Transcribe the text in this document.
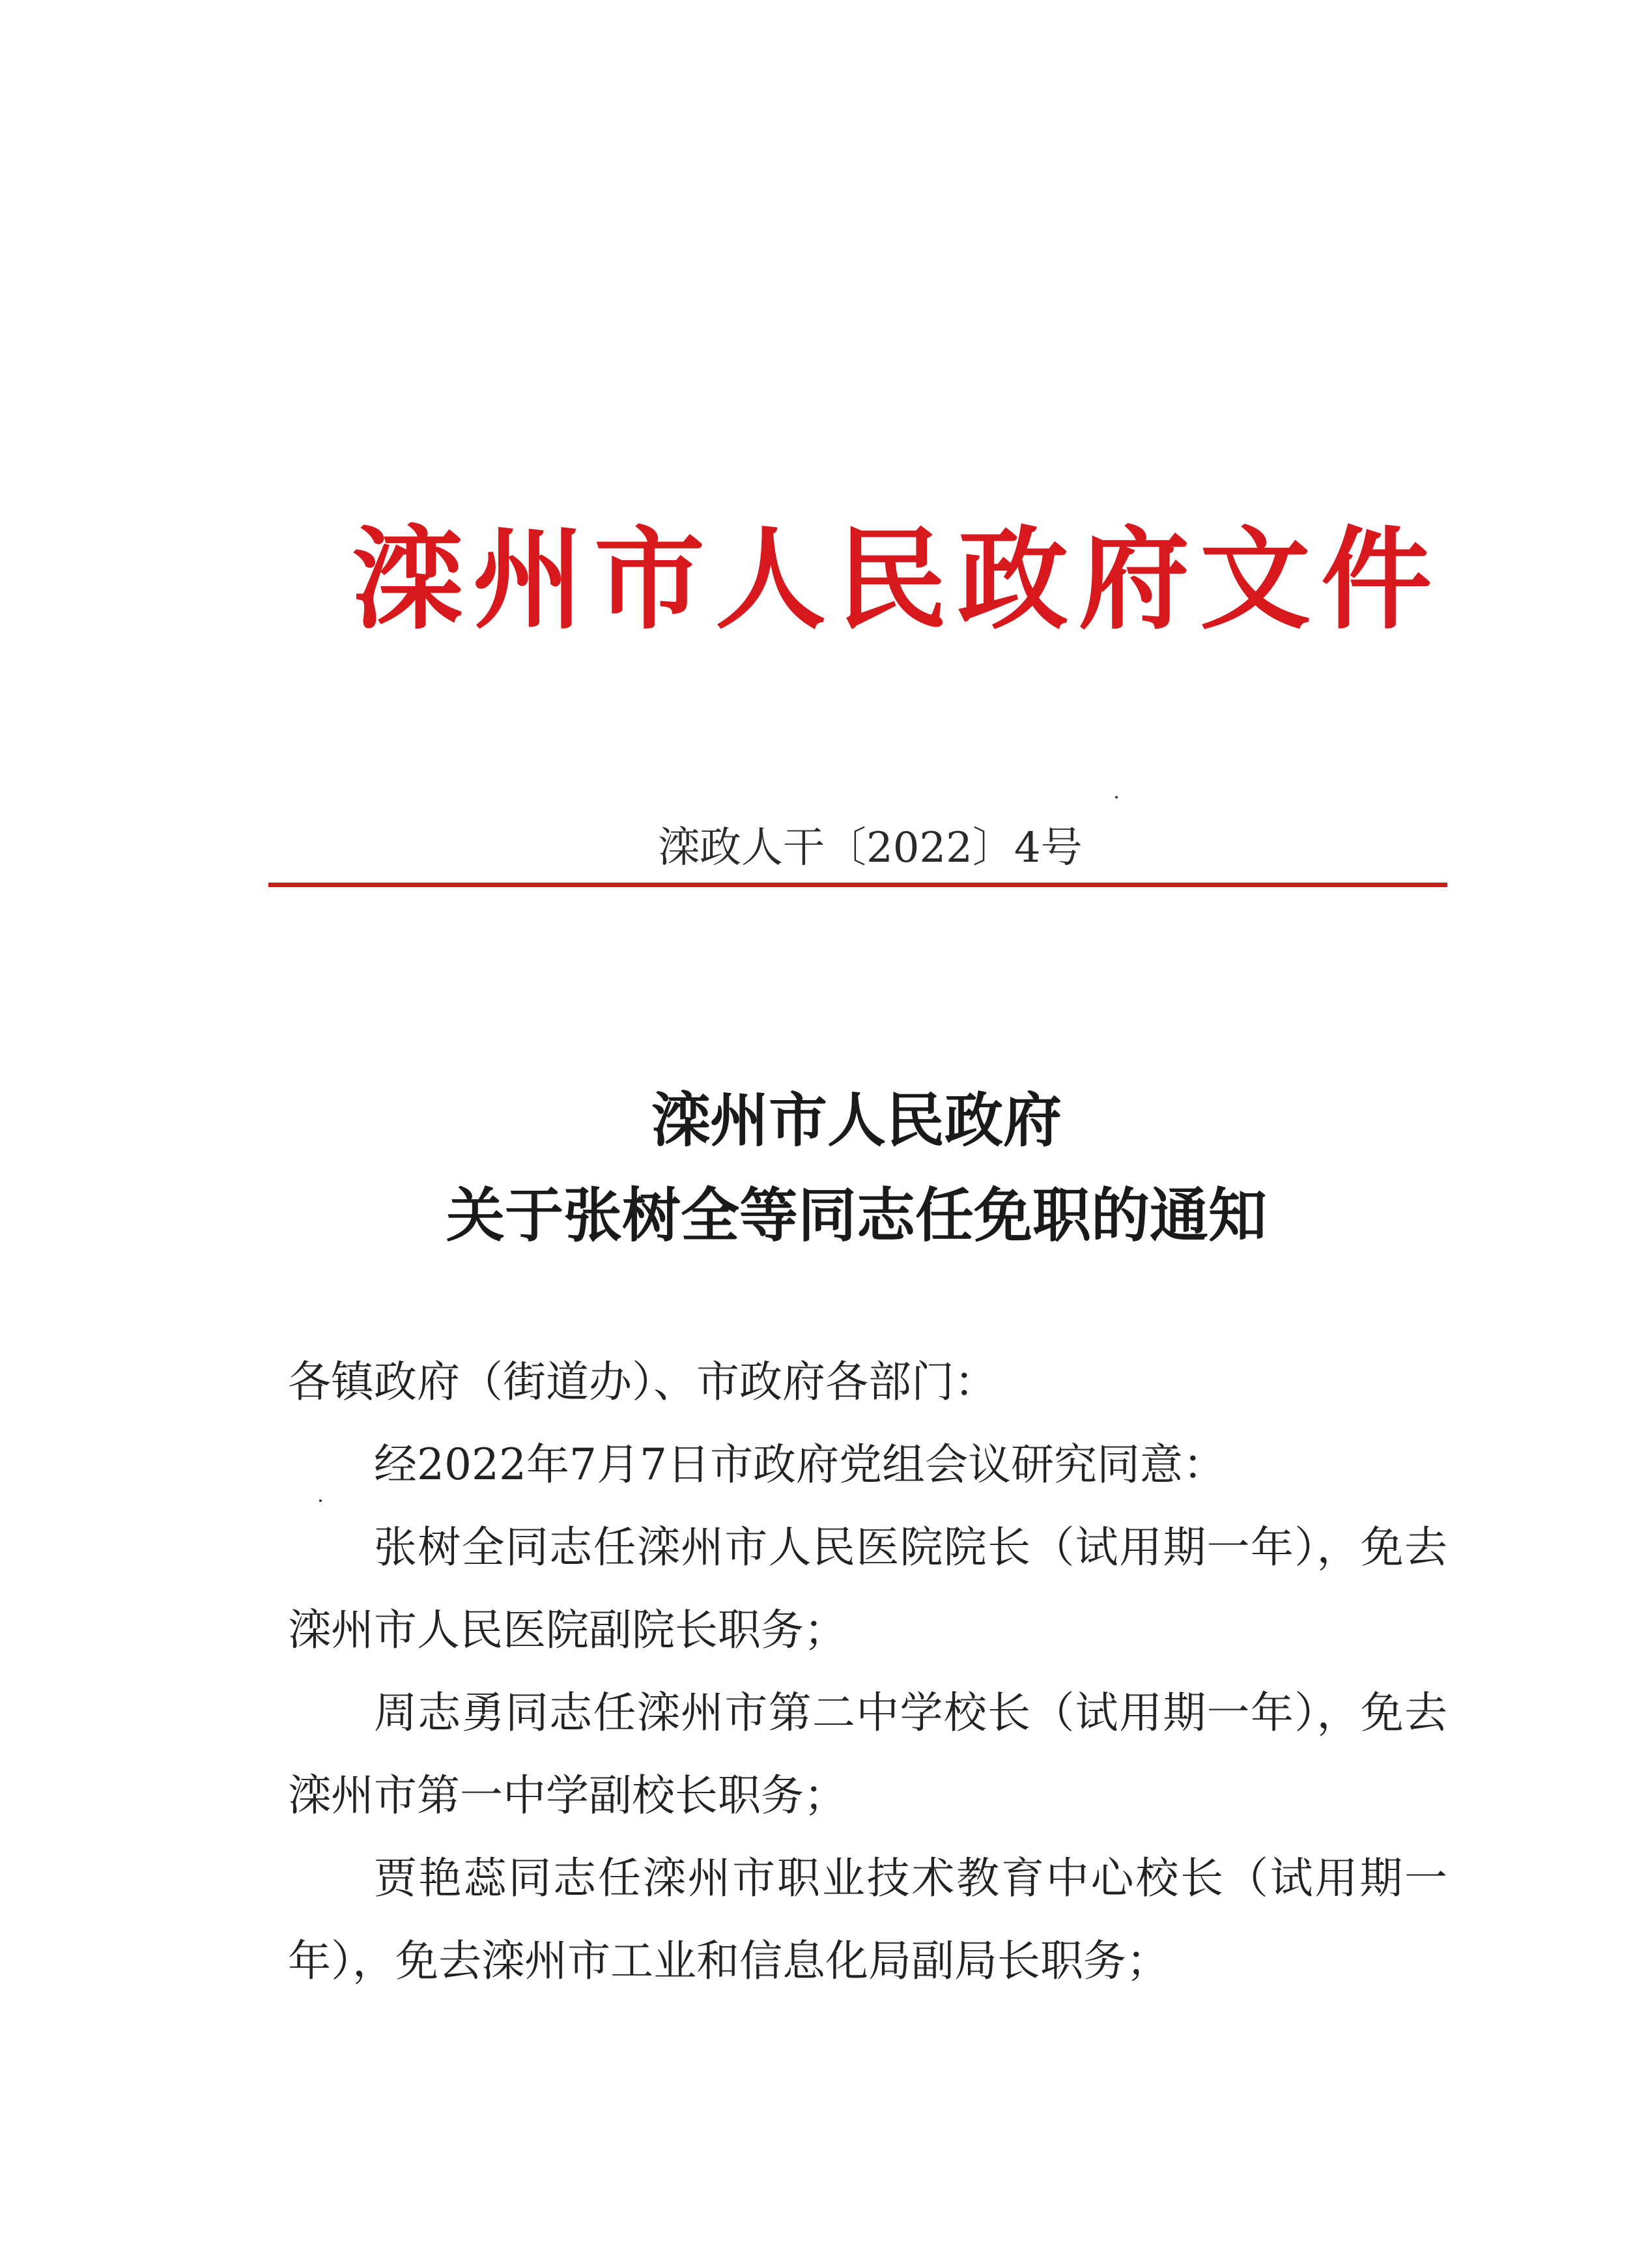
滦州市人民政府文件
滦政人干〔2022〕4号
滦州市人民政府
关于张树全等同志任免职的通知

各镇政府（街道办）、市政府各部门：

经2022年7月7日市政府党组会议研究同意：

张树全同志任滦州市人民医院院长（试用期一年），免去滦州市人民医院副院长职务；

周志勇同志任滦州市第二中学校长（试用期一年），免去滦州市第一中学副校长职务；

贾艳蕊同志任滦州市职业技术教育中心校长（试用期一年），免去滦州市工业和信息化局副局长职务；
